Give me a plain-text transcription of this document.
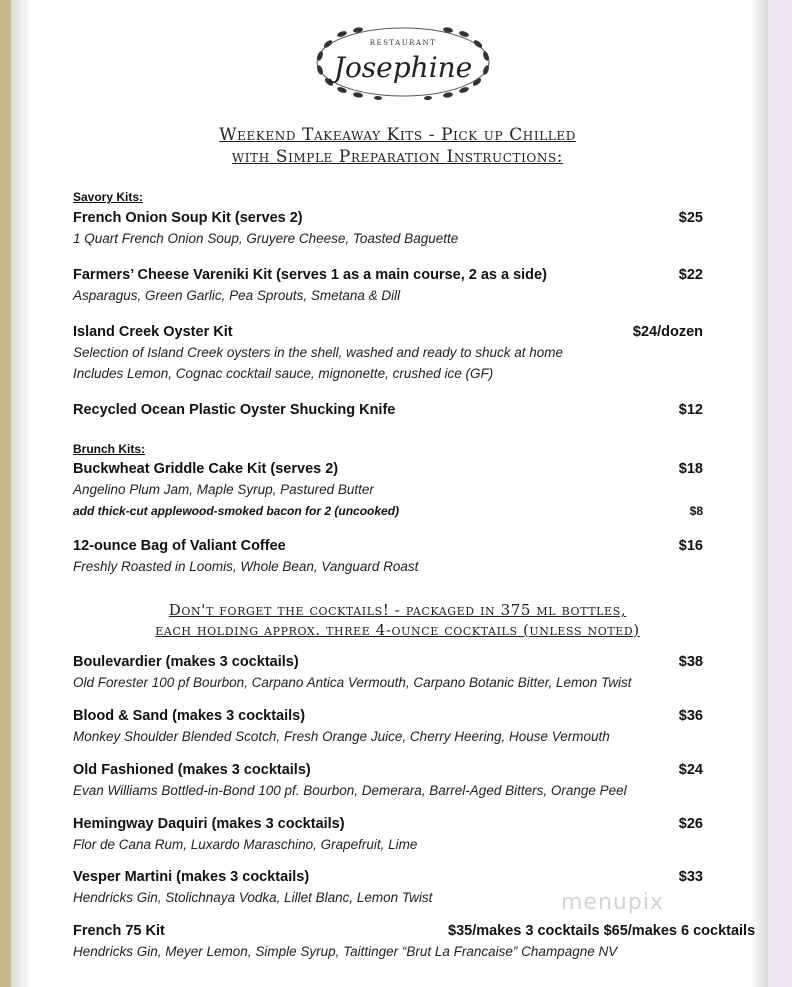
RESTAURANT
Josephine
Weekend Takeaway Kits - Pick up Chilled
with Simple Preparation Instructions:
Savory Kits:
French Onion Soup Kit (serves 2)	$25
1 Quart French Onion Soup, Gruyere Cheese, Toasted Baguette
Farmers’ Cheese Vareniki Kit (serves 1 as a main course, 2 as a side)	$22
Asparagus, Green Garlic, Pea Sprouts, Smetana & Dill
Island Creek Oyster Kit	$24/dozen
Selection of Island Creek oysters in the shell, washed and ready to shuck at home
Includes Lemon, Cognac cocktail sauce, mignonette, crushed ice (GF)
Recycled Ocean Plastic Oyster Shucking Knife	$12
Brunch Kits:
Buckwheat Griddle Cake Kit (serves 2)	$18
Angelino Plum Jam, Maple Syrup, Pastured Butter
add thick-cut applewood-smoked bacon for 2 (uncooked)	$8
12-ounce Bag of Valiant Coffee	$16
Freshly Roasted in Loomis, Whole Bean, Vanguard Roast
Don't forget the cocktails! - packaged in 375 ml bottles,
each holding approx. three 4-ounce cocktails (unless noted)
Boulevardier (makes 3 cocktails)	$38
Old Forester 100 pf Bourbon, Carpano Antica Vermouth, Carpano Botanic Bitter, Lemon Twist
Blood & Sand (makes 3 cocktails)	$36
Monkey Shoulder Blended Scotch, Fresh Orange Juice, Cherry Heering, House Vermouth
Old Fashioned (makes 3 cocktails)	$24
Evan Williams Bottled-in-Bond 100 pf. Bourbon, Demerara, Barrel-Aged Bitters, Orange Peel
Hemingway Daquiri (makes 3 cocktails)	$26
Flor de Cana Rum, Luxardo Maraschino, Grapefruit, Lime
Vesper Martini (makes 3 cocktails)	$33
Hendricks Gin, Stolichnaya Vodka, Lillet Blanc, Lemon Twist	menupix
French 75 Kit	$35/makes 3 cocktails $65/makes 6 cocktails
Hendricks Gin, Meyer Lemon, Simple Syrup, Taittinger “Brut La Francaise” Champagne NV
